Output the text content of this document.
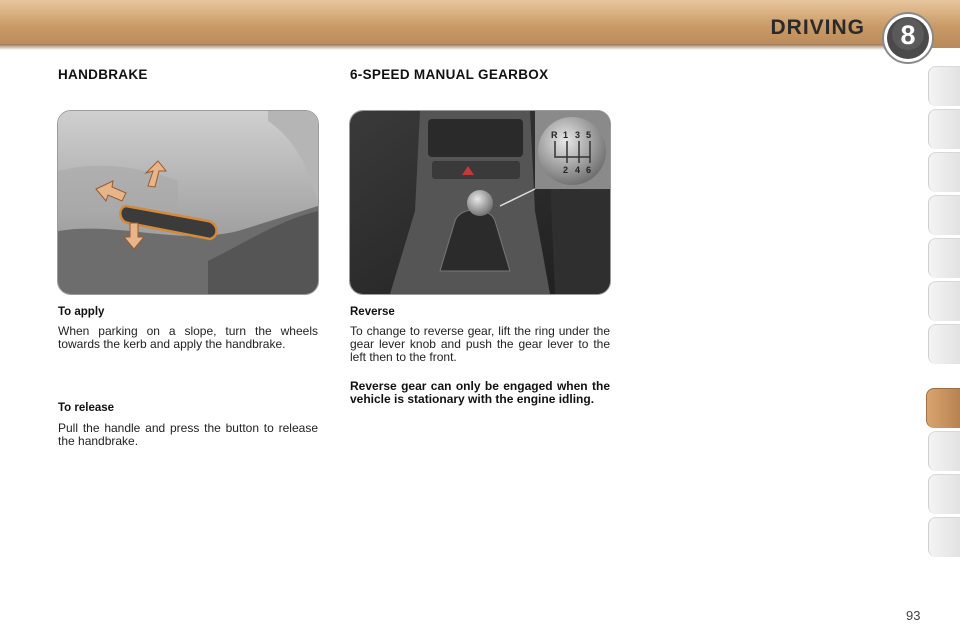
DRIVING	8
HANDBRAKE
To apply
When parking on a slope, turn the wheels towards the kerb and apply the handbrake.
To release
Pull the handle and press the button to release the handbrake.
6-SPEED MANUAL GEARBOX
R 1 3 5
2 4 6
Reverse
To change to reverse gear, lift the ring under the gear lever knob and push the gear lever to the left then to the front.
Reverse gear can only be engaged when the vehicle is stationary with the engine idling.
93
